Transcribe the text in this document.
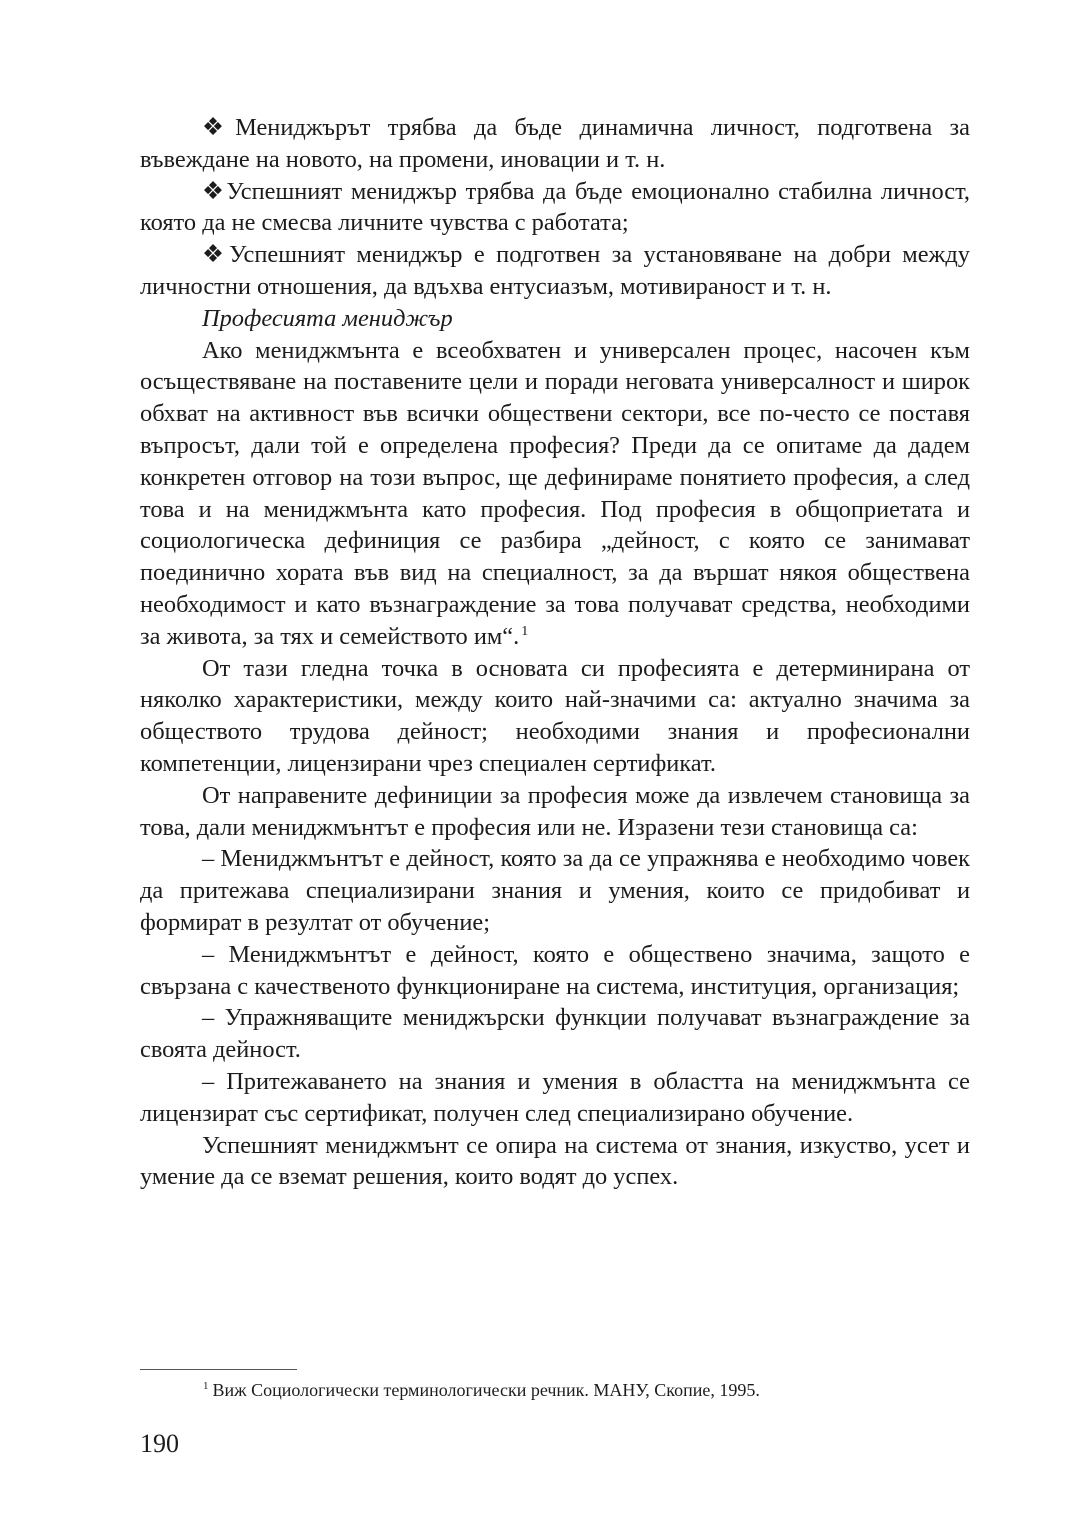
❖Мениджърът трябва да бъде динамична личност, подготвена за въвеждане на новото, на промени, иновации и т. н.

❖Успешният мениджър трябва да бъде емоционално стабилна личност, която да не смесва личните чувства с работата;

❖Успешният мениджър е подготвен за установяване на добри между личностни отношения, да вдъхва ентусиазъм, мотивираност и т. н.

Професията мениджър

Ако мениджмънта е всеобхватен и универсален процес, насочен към осъществяване на поставените цели и поради неговата универсалност и широк обхват на активност във всички обществени сектори, все по-често се поставя въпросът, дали той е определена професия? Преди да се опитаме да дадем конкретен отговор на този въпрос, ще дефинираме понятието професия, а след това и на мениджмънта като професия. Под професия в общоприетата и социологическа дефиниция се разбира „дейност, с която се занимават поединично хората във вид на специалност, за да вършат някоя обществена необходимост и като възнаграждение за това получават средства, необходими за живота, за тях и семейството им“. $^1$

От тази гледна точка в основата си професията е детерминирана от няколко характеристики, между които най-значими са: актуално значима за обществото трудова дейност; необходими знания и професионални компетенции, лицензирани чрез специален сертификат.

От направените дефиниции за професия може да извлечем становища за това, дали мениджмънтът е професия или не. Изразени тези становища са:

– Мениджмънтът е дейност, която за да се упражнява е необходимо човек да притежава специализирани знания и умения, които се придобиват и формират в резултат от обучение;

– Мениджмънтът е дейност, която е обществено значима, защото е свързана с качественото функциониране на система, институция, организация;

– Упражняващите мениджърски функции получават възнаграждение за своята дейност.

– Притежаването на знания и умения в областта на мениджмънта се лицензират със сертификат, получен след специализирано обучение.

Успешният мениджмънт се опира на система от знания, изкуство, усет и умение да се вземат решения, които водят до успех.

$^1$ Виж Социологически терминологически речник. МАНУ, Скопие, 1995.
190
